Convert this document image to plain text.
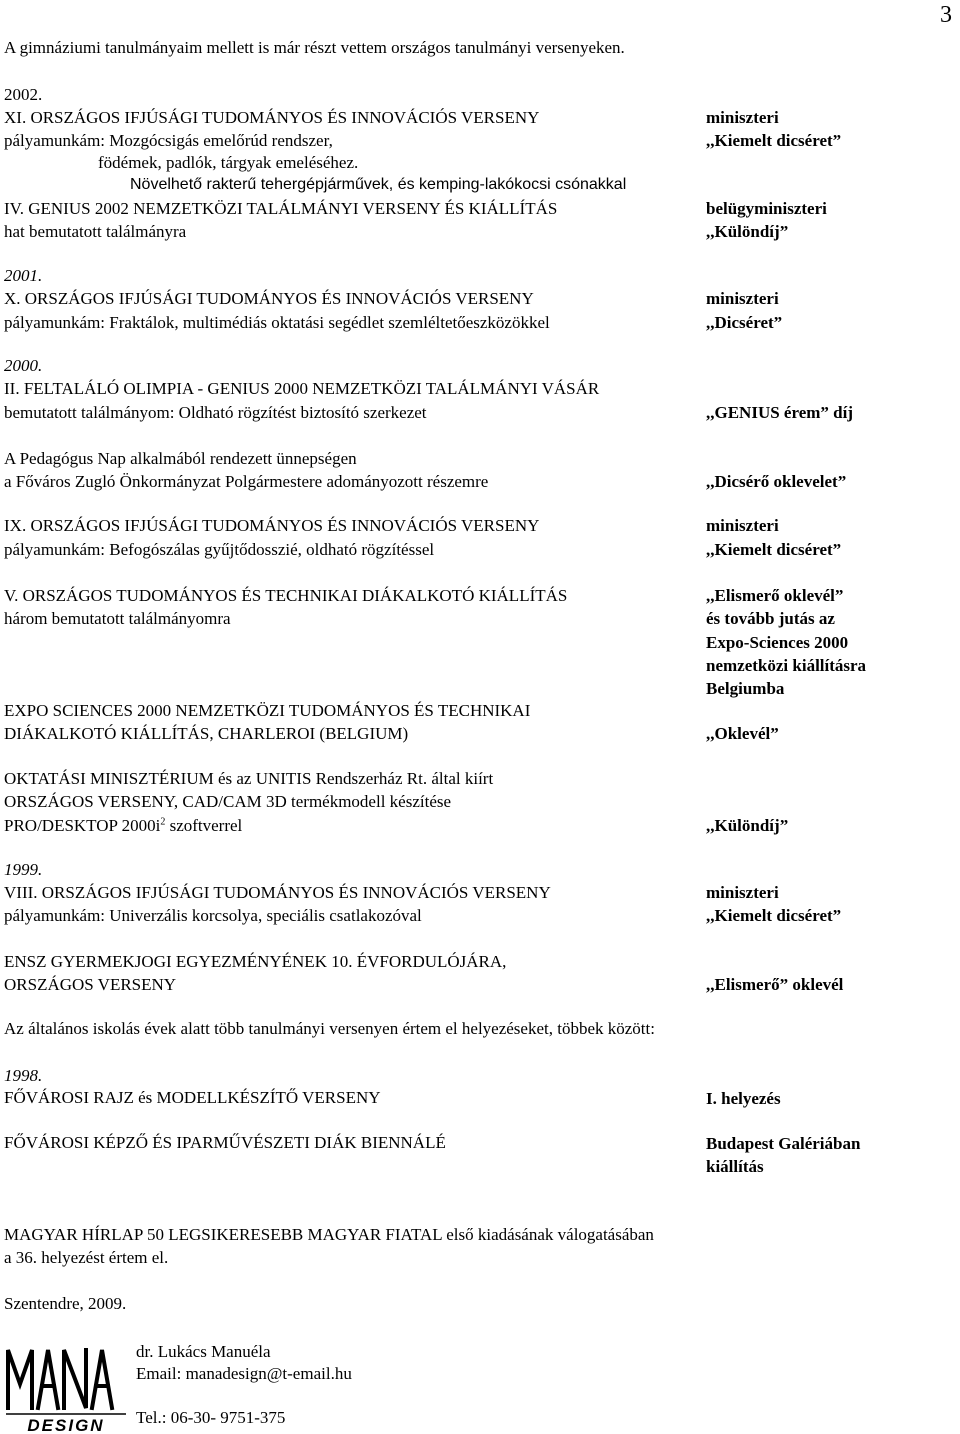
3
A gimnáziumi tanulmányaim mellett is már részt vettem országos tanulmányi versenyeken.
2002.
XI. ORSZÁGOS IFJÚSÁGI TUDOMÁNYOS ÉS INNOVÁCIÓS VERSENY	miniszteri
pályamunkám: Mozgócsigás emelőrúd rendszer,	,,Kiemelt dicséret”
födémek, padlók, tárgyak emeléséhez.
Növelhető rakterű tehergépjárművek, és kemping-lakókocsi csónakkal
IV. GENIUS 2002 NEMZETKÖZI TALÁLMÁNYI VERSENY ÉS KIÁLLÍTÁS	belügyminiszteri
hat bemutatott találmányra	,,Különdíj”
2001.
X. ORSZÁGOS IFJÚSÁGI TUDOMÁNYOS ÉS INNOVÁCIÓS VERSENY	miniszteri
pályamunkám: Fraktálok, multimédiás oktatási segédlet szemléltetőeszközökkel	,,Dicséret”
2000.
II. FELTALÁLÓ OLIMPIA - GENIUS 2000 NEMZETKÖZI TALÁLMÁNYI VÁSÁR
bemutatott találmányom: Oldható rögzítést biztosító szerkezet	,,GENIUS érem” díj
A Pedagógus Nap alkalmából rendezett ünnepségen
a Főváros Zugló Önkormányzat Polgármestere adományozott részemre	,,Dicsérő oklevelet”
IX. ORSZÁGOS IFJÚSÁGI TUDOMÁNYOS ÉS INNOVÁCIÓS VERSENY	miniszteri
pályamunkám: Befogószálas gyűjtődosszié, oldható rögzítéssel	,,Kiemelt dicséret”
V. ORSZÁGOS TUDOMÁNYOS ÉS TECHNIKAI DIÁKALKOTÓ KIÁLLÍTÁS	,,Elismerő oklevél”
három bemutatott találmányomra	és tovább jutás az
Expo-Sciences 2000
nemzetközi kiállításra
Belgiumba
EXPO SCIENCES 2000 NEMZETKÖZI TUDOMÁNYOS ÉS TECHNIKAI
DIÁKALKOTÓ KIÁLLÍTÁS, CHARLEROI (BELGIUM)	,,Oklevél”
OKTATÁSI MINISZTÉRIUM és az UNITIS Rendszerház Rt. által kiírt
ORSZÁGOS VERSENY, CAD/CAM 3D termékmodell készítése
PRO/DESKTOP $2000i^2$ szoftverrel	,,Különdíj”
1999.
VIII. ORSZÁGOS IFJÚSÁGI TUDOMÁNYOS ÉS INNOVÁCIÓS VERSENY	miniszteri
pályamunkám: Univerzális korcsolya, speciális csatlakozóval	,,Kiemelt dicséret”
ENSZ GYERMEKJOGI EGYEZMÉNYÉNEK 10. ÉVFORDULÓJÁRA,
ORSZÁGOS VERSENY	,,Elismerő” oklevél
Az általános iskolás évek alatt több tanulmányi versenyen értem el helyezéseket, többek között:
1998.
FŐVÁROSI RAJZ és MODELLKÉSZÍTŐ VERSENY	I. helyezés
FŐVÁROSI KÉPZŐ ÉS IPARMŰVÉSZETI DIÁK BIENNÁLÉ	Budapest Galériában
kiállítás
MAGYAR HÍRLAP 50 LEGSIKERESEBB MAGYAR FIATAL első kiadásának válogatásában
a 36. helyezést értem el.
Szentendre, 2009.
DESIGN
dr. Lukács Manuéla
Email: manadesign@t-email.hu
Tel.: 06-30- 9751-375
